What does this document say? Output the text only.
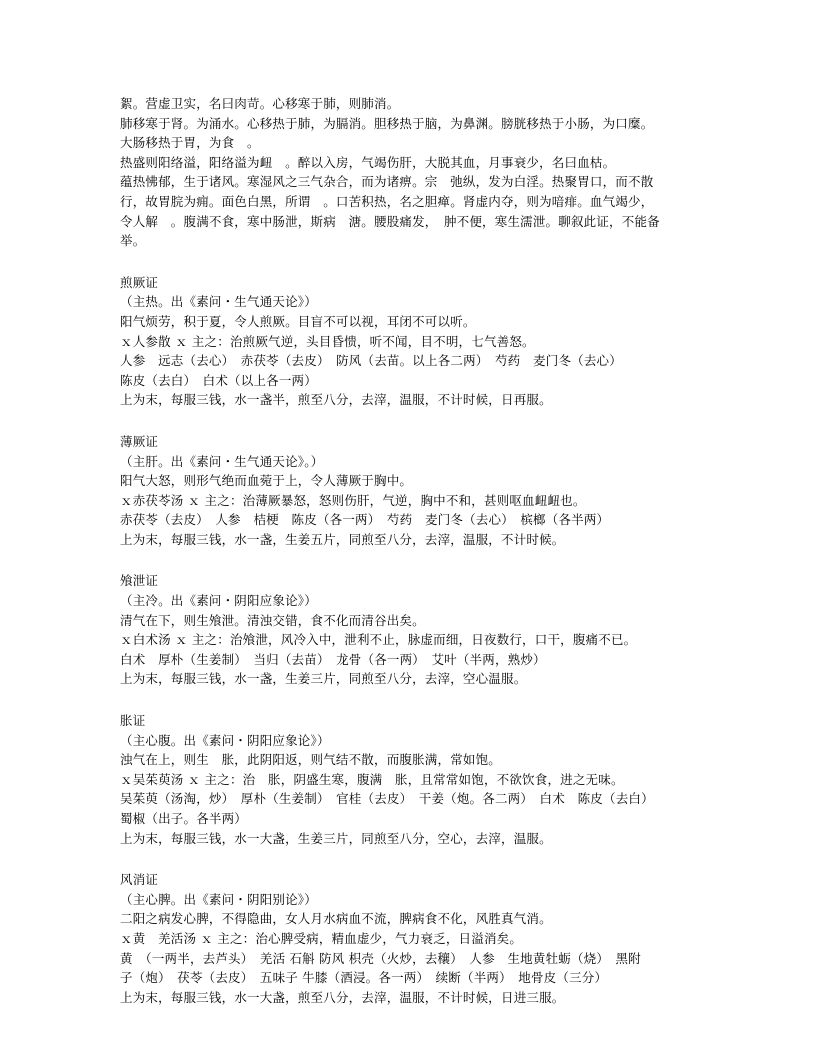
絮。营虚卫实，名曰肉苛。心移寒于肺，则肺消。
肺移寒于肾。为涌水。心移热于肺，为膈消。胆移热于脑，为鼻渊。膀胱移热于小肠，为口糜。
大肠移热于胃，为食　。
热盛则阳络溢，阳络溢为衄　。醉以入房，气竭伤肝，大脱其血，月事衰少，名曰血枯。
蕴热怫郁，生于诸风。寒湿风之三气杂合，而为诸痹。宗　弛纵，发为白淫。热聚胃口，而不散
行，故胃脘为痈。面色白黑，所谓　。口苦积热，名之胆瘅。肾虚内夺，则为喑痱。血气竭少，
令人解　。腹满不食，寒中肠泄，斯病　溏。腰股痛发，　肿不便，寒生濡泄。聊叙此证，不能备
举。
煎厥证
（主热。出《素问・生气通天论》）
阳气烦劳，积于夏，令人煎厥。目盲不可以视，耳闭不可以听。
ｘ人参散 ｘ 主之：治煎厥气逆，头目昏愦，听不闻，目不明，七气善怒。
人参　远志（去心）　赤茯苓（去皮）　防风（去苗。以上各二两）　芍药　麦门冬（去心）
陈皮（去白）　白术（以上各一两）
上为末，每服三钱，水一盏半，煎至八分，去滓，温服，不计时候，日再服。
薄厥证
（主肝。出《素问・生气通天论》。）
阳气大怒，则形气绝而血菀于上，令人薄厥于胸中。
ｘ赤茯苓汤 ｘ 主之：治薄厥暴怒，怒则伤肝，气逆，胸中不和，甚则呕血衄衄也。
赤茯苓（去皮）　人参　桔梗　陈皮（各一两）　芍药　麦门冬（去心）　槟榔（各半两）
上为末，每服三钱，水一盏，生姜五片，同煎至八分，去滓，温服，不计时候。
飧泄证
（主冷。出《素问・阴阳应象论》）
清气在下，则生飧泄。清浊交错，食不化而清谷出矣。
ｘ白术汤 ｘ 主之：治飧泄，风冷入中，泄利不止，脉虚而细，日夜数行，口干，腹痛不已。
白术　厚朴（生姜制）　当归（去苗）　龙骨（各一两）　艾叶（半两，熟炒）
上为末，每服三钱，水一盏，生姜三片，同煎至八分，去滓，空心温服。
胀证
（主心腹。出《素问・阴阳应象论》）
浊气在上，则生　胀，此阴阳返，则气结不散，而腹胀满，常如饱。
ｘ吴茱萸汤 ｘ 主之：治　胀，阴盛生寒，腹满　胀，且常常如饱，不欲饮食，进之无味。
吴茱萸（汤淘，炒）　厚朴（生姜制）　官桂（去皮）　干姜（炮。各二两）　白术　陈皮（去白）
蜀椒（出子。各半两）
上为末，每服三钱，水一大盏，生姜三片，同煎至八分，空心，去滓，温服。
风消证
（主心脾。出《素问・阴阳别论》）
二阳之病发心脾，不得隐曲，女人月水病血不流，脾病食不化，风胜真气消。
ｘ黄　羌活汤 ｘ 主之：治心脾受病，精血虚少，气力衰乏，日溢消矣。
黄　（一两半，去芦头）　羌活 石斛 防风 枳壳（火炒，去穰）　人参　生地黄牡蛎（烧）　黑附
子（炮）　茯苓（去皮）　五味子 牛膝（酒浸。各一两）　续断（半两）　地骨皮（三分）
上为末，每服三钱，水一大盏，煎至八分，去滓，温服，不计时候，日进三服。
